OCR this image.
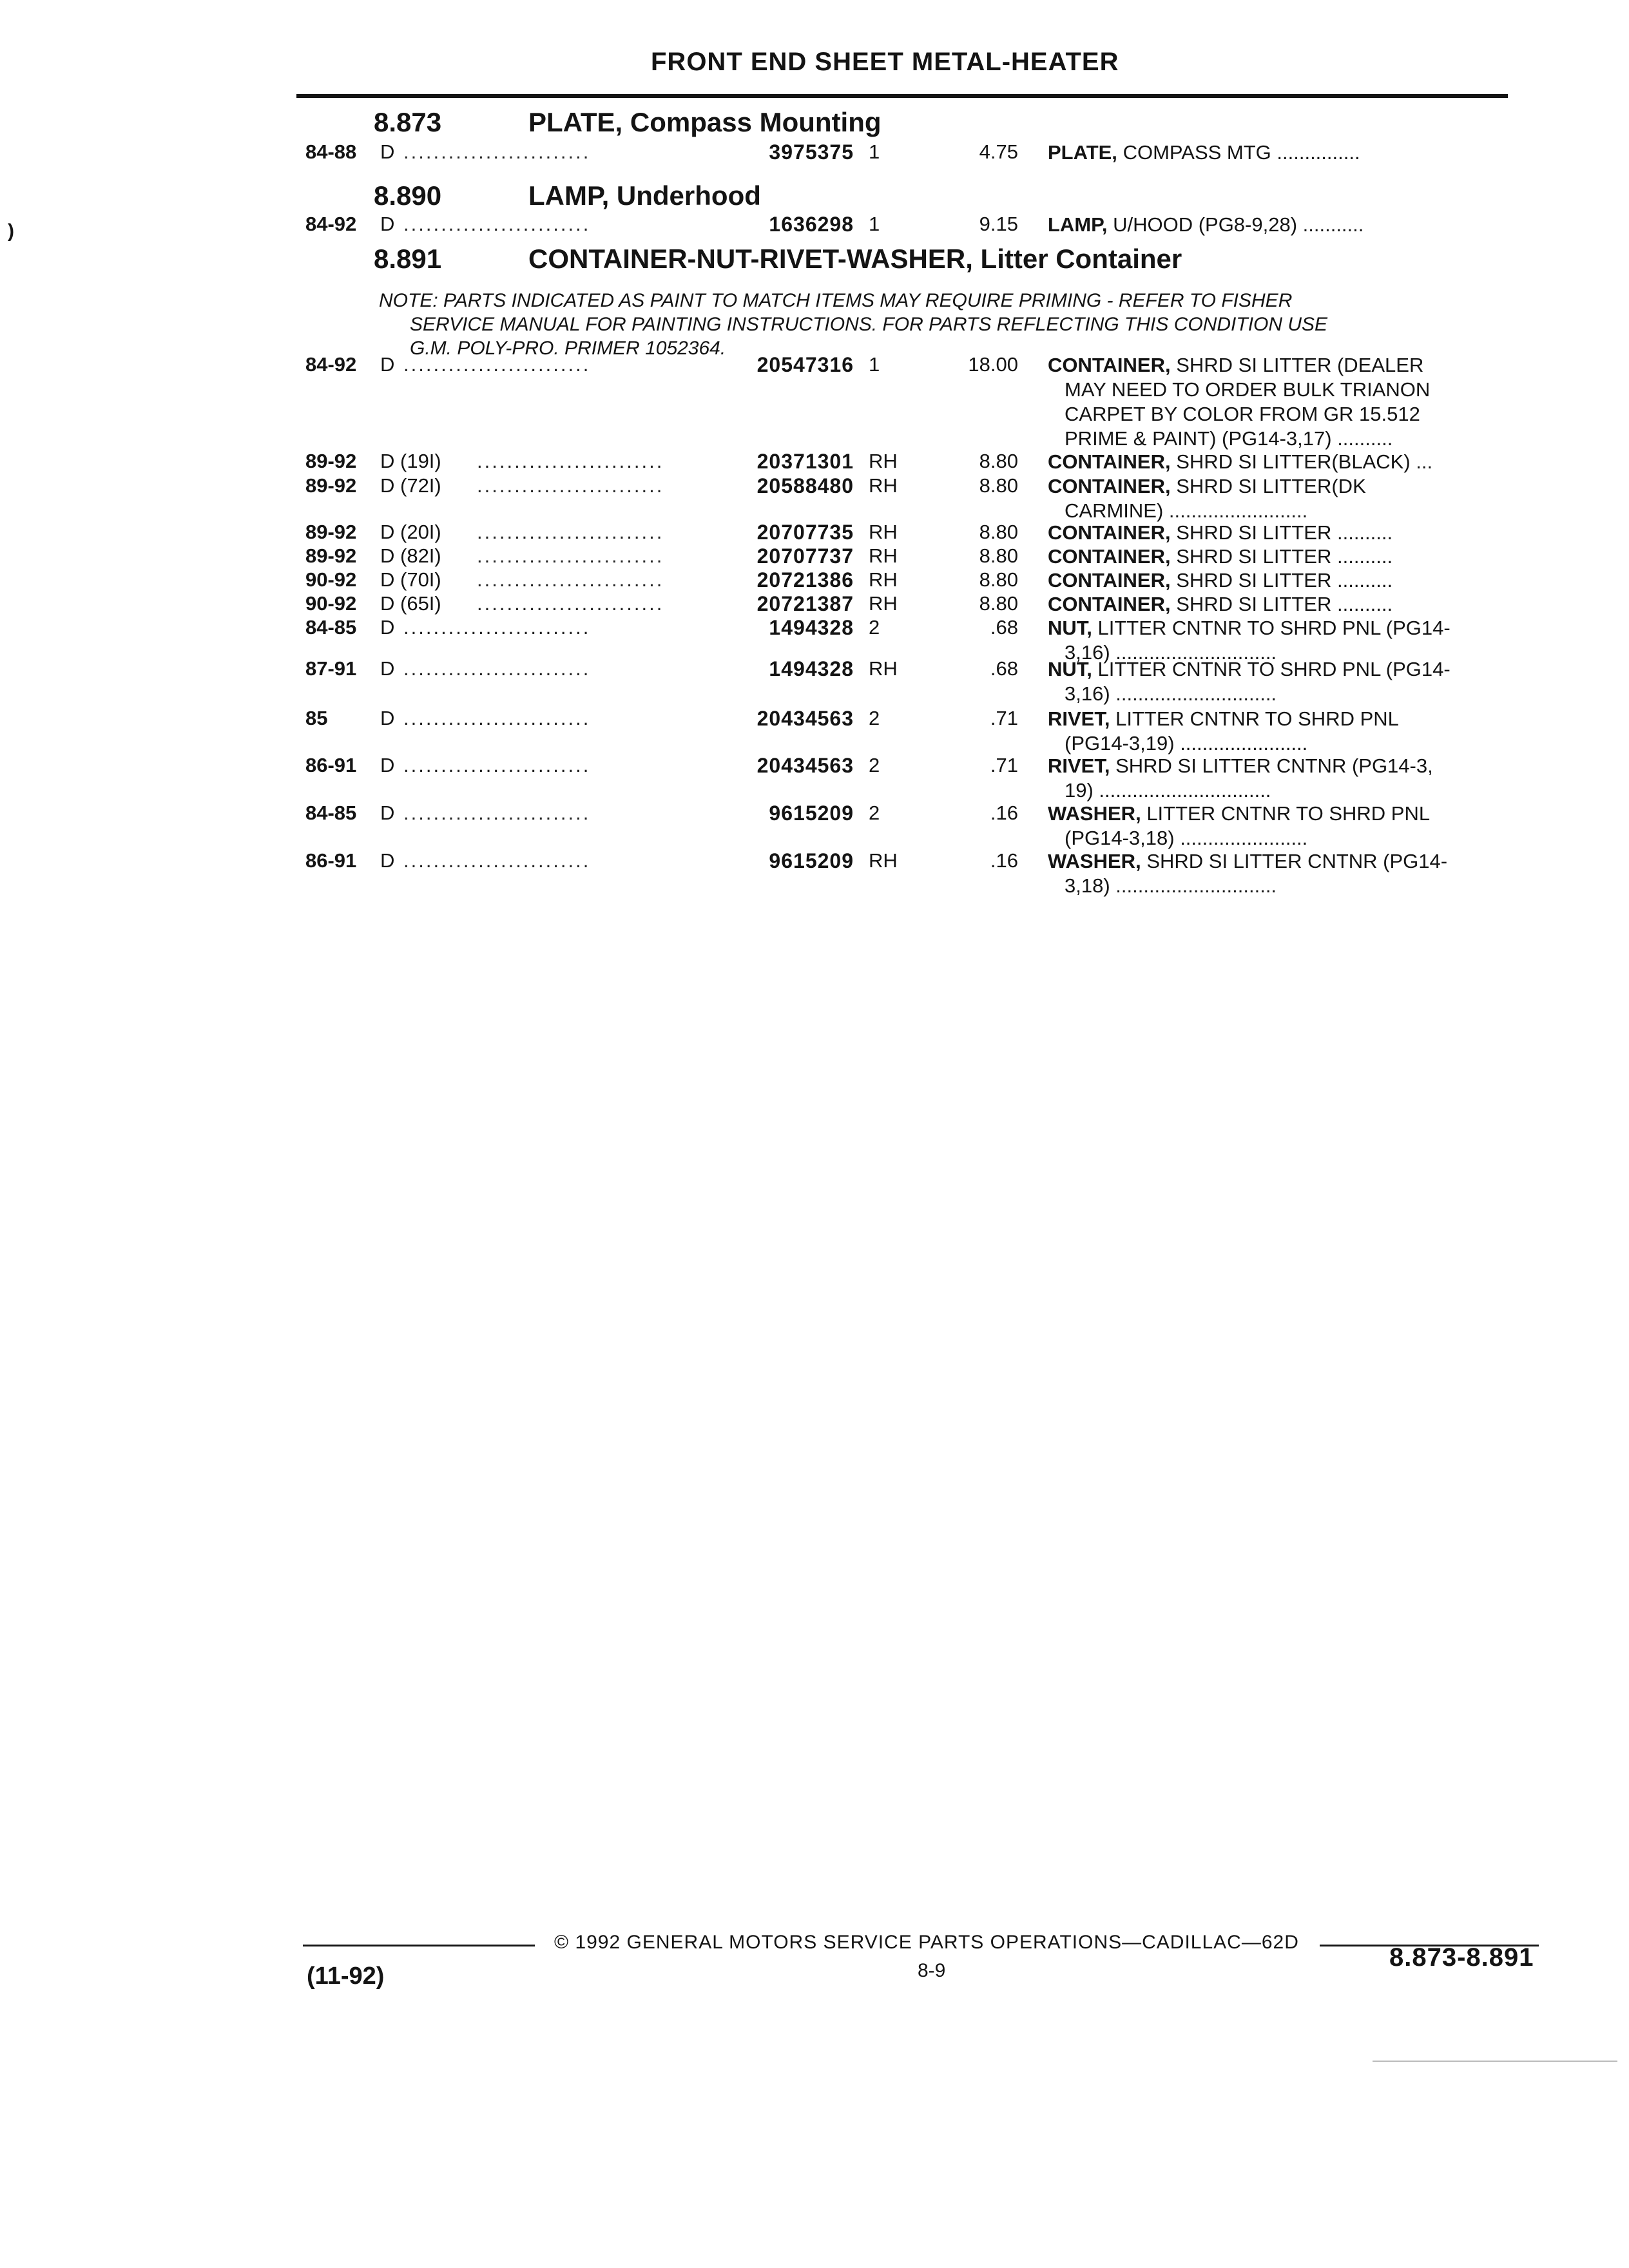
FRONT END SHEET METAL-HEATER
)
8.873	PLATE, Compass Mounting
84-88 D .........................	3975375 1	4.75 PLATE, COMPASS MTG ...............
8.890	LAMP, Underhood
84-92 D .........................	1636298 1	9.15 LAMP, U/HOOD (PG8-9,28) ...........
8.891	CONTAINER-NUT-RIVET-WASHER, Litter Container
NOTE: PARTS INDICATED AS PAINT TO MATCH ITEMS MAY REQUIRE PRIMING - REFER TO FISHER
SERVICE MANUAL FOR PAINTING INSTRUCTIONS. FOR PARTS REFLECTING THIS CONDITION USE
G.M. POLY-PRO. PRIMER 1052364.
84-92 D .........................	20547316 1	18.00 CONTAINER, SHRD SI LITTER (DEALER
MAY NEED TO ORDER BULK TRIANON
CARPET BY COLOR FROM GR 15.512
PRIME & PAINT) (PG14-3,17) ..........
89-92 D (19I) .........................	20371301 RH	8.80 CONTAINER, SHRD SI LITTER(BLACK) ...
89-92 D (72I) .........................	20588480 RH	8.80 CONTAINER, SHRD SI LITTER(DK
CARMINE) .........................
89-92 D (20I) .........................	20707735 RH	8.80 CONTAINER, SHRD SI LITTER ..........
89-92 D (82I) .........................	20707737 RH	8.80 CONTAINER, SHRD SI LITTER ..........
90-92 D (70I) .........................	20721386 RH	8.80 CONTAINER, SHRD SI LITTER ..........
90-92 D (65I) .........................	20721387 RH	8.80 CONTAINER, SHRD SI LITTER ..........
84-85 D .........................	1494328 2	.68 NUT, LITTER CNTNR TO SHRD PNL (PG14-
3,16) .............................
87-91 D .........................	1494328 RH	.68 NUT, LITTER CNTNR TO SHRD PNL (PG14-
3,16) .............................
85	D .........................	20434563 2	.71 RIVET, LITTER CNTNR TO SHRD PNL
(PG14-3,19) .......................
86-91 D .........................	20434563 2	.71 RIVET, SHRD SI LITTER CNTNR (PG14-3,
19) ...............................
84-85 D .........................	9615209 2	.16 WASHER, LITTER CNTNR TO SHRD PNL
(PG14-3,18) .......................
86-91 D .........................	9615209 RH	.16 WASHER, SHRD SI LITTER CNTNR (PG14-
3,18) .............................
© 1992 GENERAL MOTORS SERVICE PARTS OPERATIONS—CADILLAC—62D
8-9
(11-92)
8.873-8.891
